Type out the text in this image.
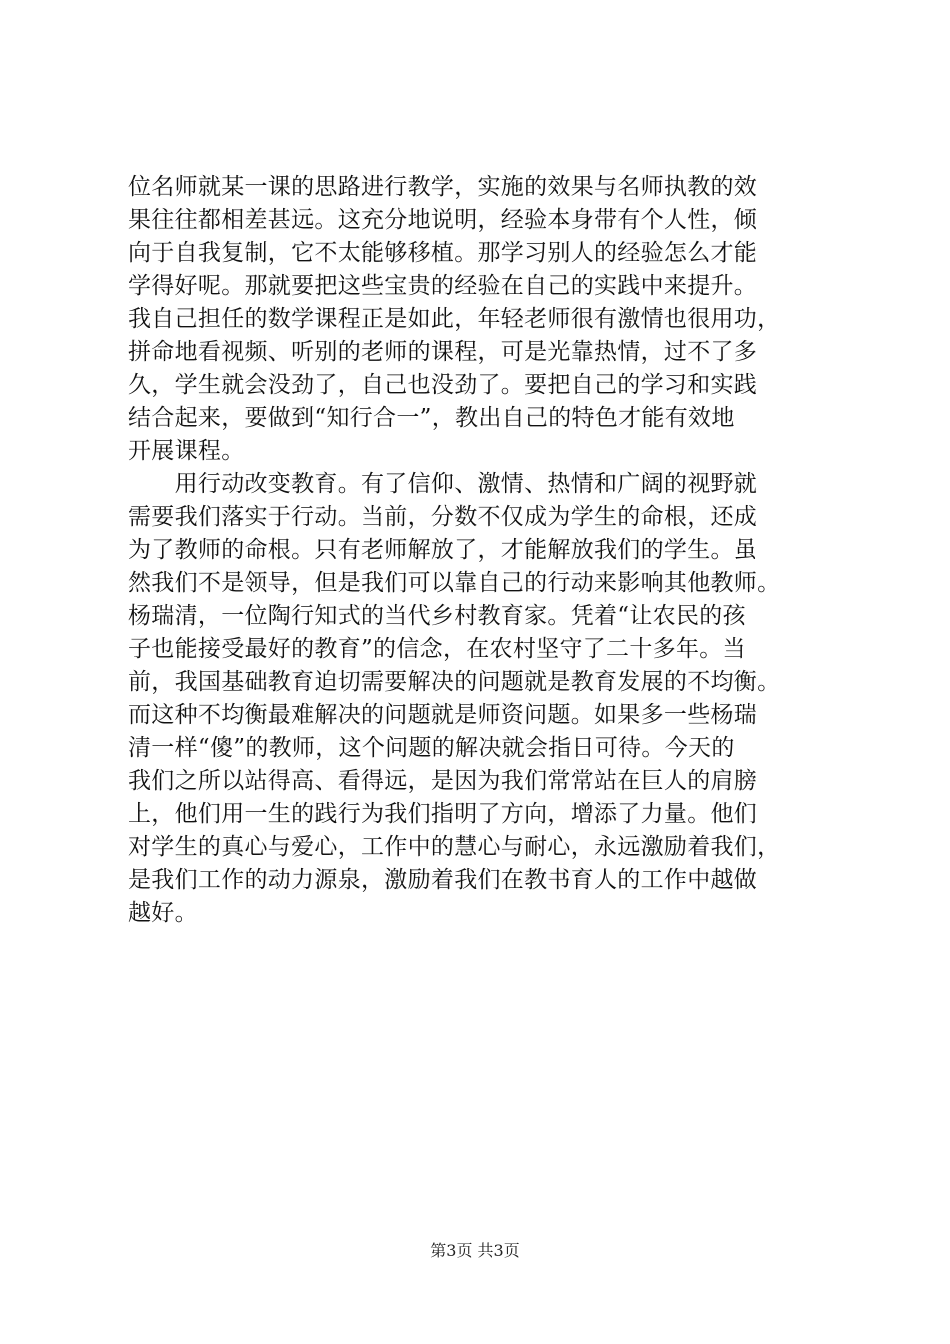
位名师就某一课的思路进行教学，实施的效果与名师执教的效
果往往都相差甚远。这充分地说明，经验本身带有个人性，倾
向于自我复制，它不太能够移植。那学习别人的经验怎么才能
学得好呢。那就要把这些宝贵的经验在自己的实践中来提升。
我自己担任的数学课程正是如此，年轻老师很有激情也很用功，
拼命地看视频、听别的老师的课程，可是光靠热情，过不了多
久，学生就会没劲了，自己也没劲了。要把自己的学习和实践
结合起来，要做到“知行合一”，教出自己的特色才能有效地
开展课程。
　　用行动改变教育。有了信仰、激情、热情和广阔的视野就
需要我们落实于行动。当前，分数不仅成为学生的命根，还成
为了教师的命根。只有老师解放了，才能解放我们的学生。虽
然我们不是领导，但是我们可以靠自己的行动来影响其他教师。
杨瑞清，一位陶行知式的当代乡村教育家。凭着“让农民的孩
子也能接受最好的教育”的信念，在农村坚守了二十多年。当
前，我国基础教育迫切需要解决的问题就是教育发展的不均衡。
而这种不均衡最难解决的问题就是师资问题。如果多一些杨瑞
清一样“傻”的教师，这个问题的解决就会指日可待。今天的
我们之所以站得高、看得远，是因为我们常常站在巨人的肩膀
上，他们用一生的践行为我们指明了方向，增添了力量。他们
对学生的真心与爱心，工作中的慧心与耐心，永远激励着我们，
是我们工作的动力源泉，激励着我们在教书育人的工作中越做
越好。
第3页 共3页
